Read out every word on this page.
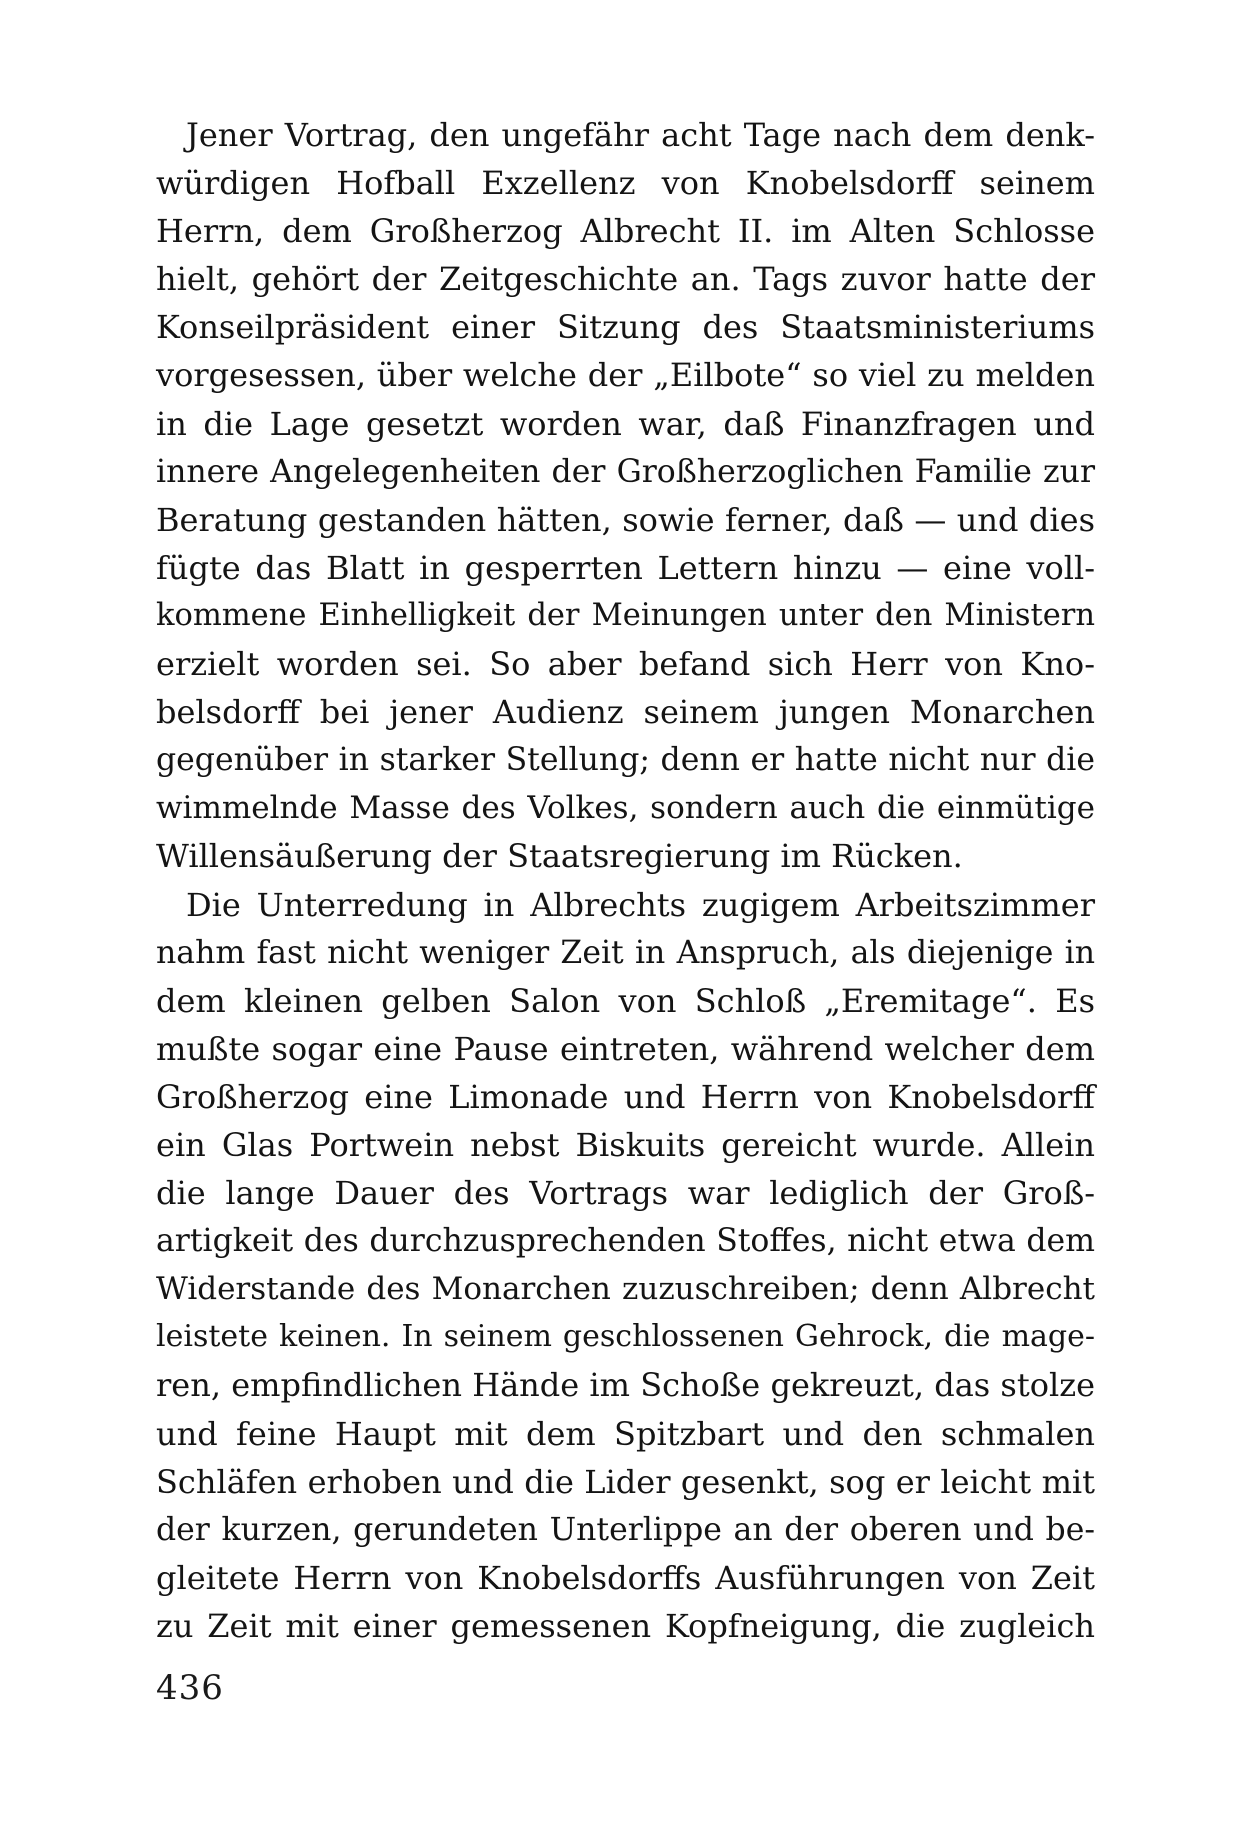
Jener Vortrag, den ungefähr acht Tage nach dem denk-
würdigen Hofball Exzellenz von Knobelsdorff seinem
Herrn, dem Großherzog Albrecht II. im Alten Schlosse
hielt, gehört der Zeitgeschichte an. Tags zuvor hatte der
Konseilpräsident einer Sitzung des Staatsministeriums
vorgesessen, über welche der „Eilbote“ so viel zu melden
in die Lage gesetzt worden war, daß Finanzfragen und
innere Angelegenheiten der Großherzoglichen Familie zur
Beratung gestanden hätten, sowie ferner, daß — und dies
fügte das Blatt in gesperrten Lettern hinzu — eine voll-
kommene Einhelligkeit der Meinungen unter den Ministern
erzielt worden sei. So aber befand sich Herr von Kno-
belsdorff bei jener Audienz seinem jungen Monarchen
gegenüber in starker Stellung; denn er hatte nicht nur die
wimmelnde Masse des Volkes, sondern auch die einmütige
Willensäußerung der Staatsregierung im Rücken.

Die Unterredung in Albrechts zugigem Arbeitszimmer
nahm fast nicht weniger Zeit in Anspruch, als diejenige in
dem kleinen gelben Salon von Schloß „Eremitage“. Es
mußte sogar eine Pause eintreten, während welcher dem
Großherzog eine Limonade und Herrn von Knobelsdorff
ein Glas Portwein nebst Biskuits gereicht wurde. Allein
die lange Dauer des Vortrags war lediglich der Groß-
artigkeit des durchzusprechenden Stoffes, nicht etwa dem
Widerstande des Monarchen zuzuschreiben; denn Albrecht
leistete keinen. In seinem geschlossenen Gehrock, die mage-
ren, empfindlichen Hände im Schoße gekreuzt, das stolze
und feine Haupt mit dem Spitzbart und den schmalen
Schläfen erhoben und die Lider gesenkt, sog er leicht mit
der kurzen, gerundeten Unterlippe an der oberen und be-
gleitete Herrn von Knobelsdorffs Ausführungen von Zeit
zu Zeit mit einer gemessenen Kopfneigung, die zugleich

436
